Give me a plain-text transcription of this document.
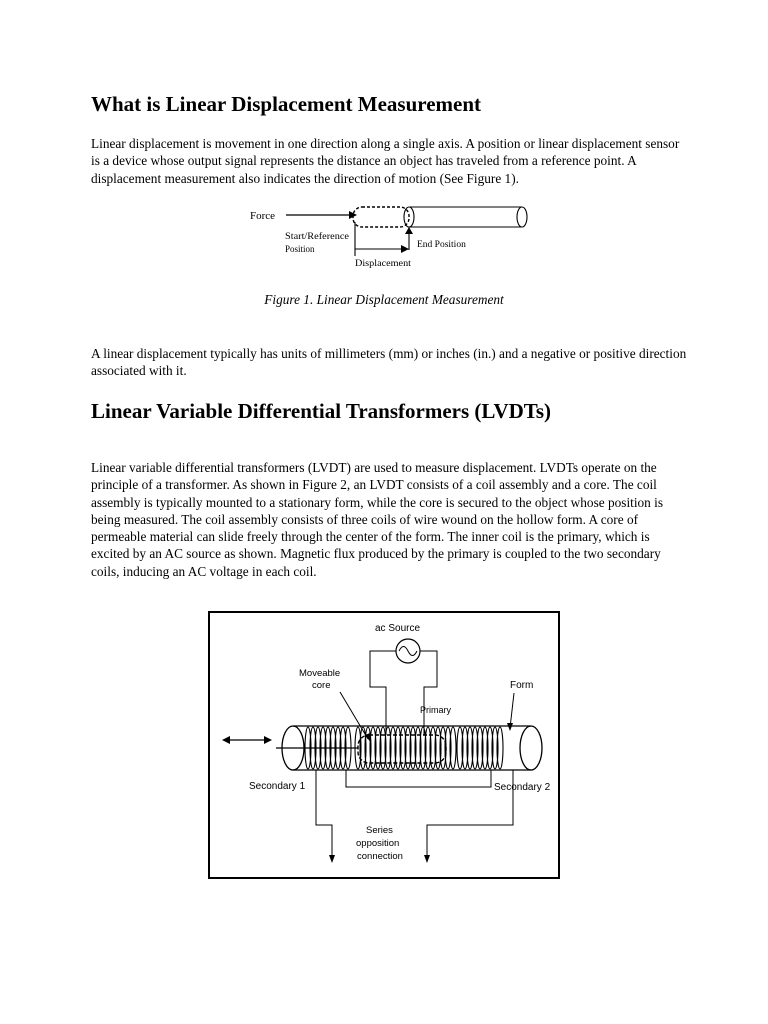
What is Linear Displacement Measurement

Linear displacement is movement in one direction along a single axis. A position or linear displacement sensor is a device whose output signal represents the distance an object has traveled from a reference point. A displacement measurement also indicates the direction of motion (See Figure 1).

Force
Start/Reference
Position	End Position
Displacement

Figure 1. Linear Displacement Measurement

A linear displacement typically has units of millimeters (mm) or inches (in.) and a negative or positive direction associated with it.

Linear Variable Differential Transformers (LVDTs)

Linear variable differential transformers (LVDT) are used to measure displacement. LVDTs operate on the principle of a transformer. As shown in Figure 2, an LVDT consists of a coil assembly and a core. The coil assembly is typically mounted to a stationary form, while the core is secured to the object whose position is being measured. The coil assembly consists of three coils of wire wound on the hollow form. A core of permeable material can slide freely through the center of the form. The inner coil is the primary, which is excited by an AC source as shown. Magnetic flux produced by the primary is coupled to the two secondary coils, inducing an AC voltage in each coil.

ac Source
Moveable
core
Primary
Form
Secondary 1	Secondary 2
Series
opposition
connection
